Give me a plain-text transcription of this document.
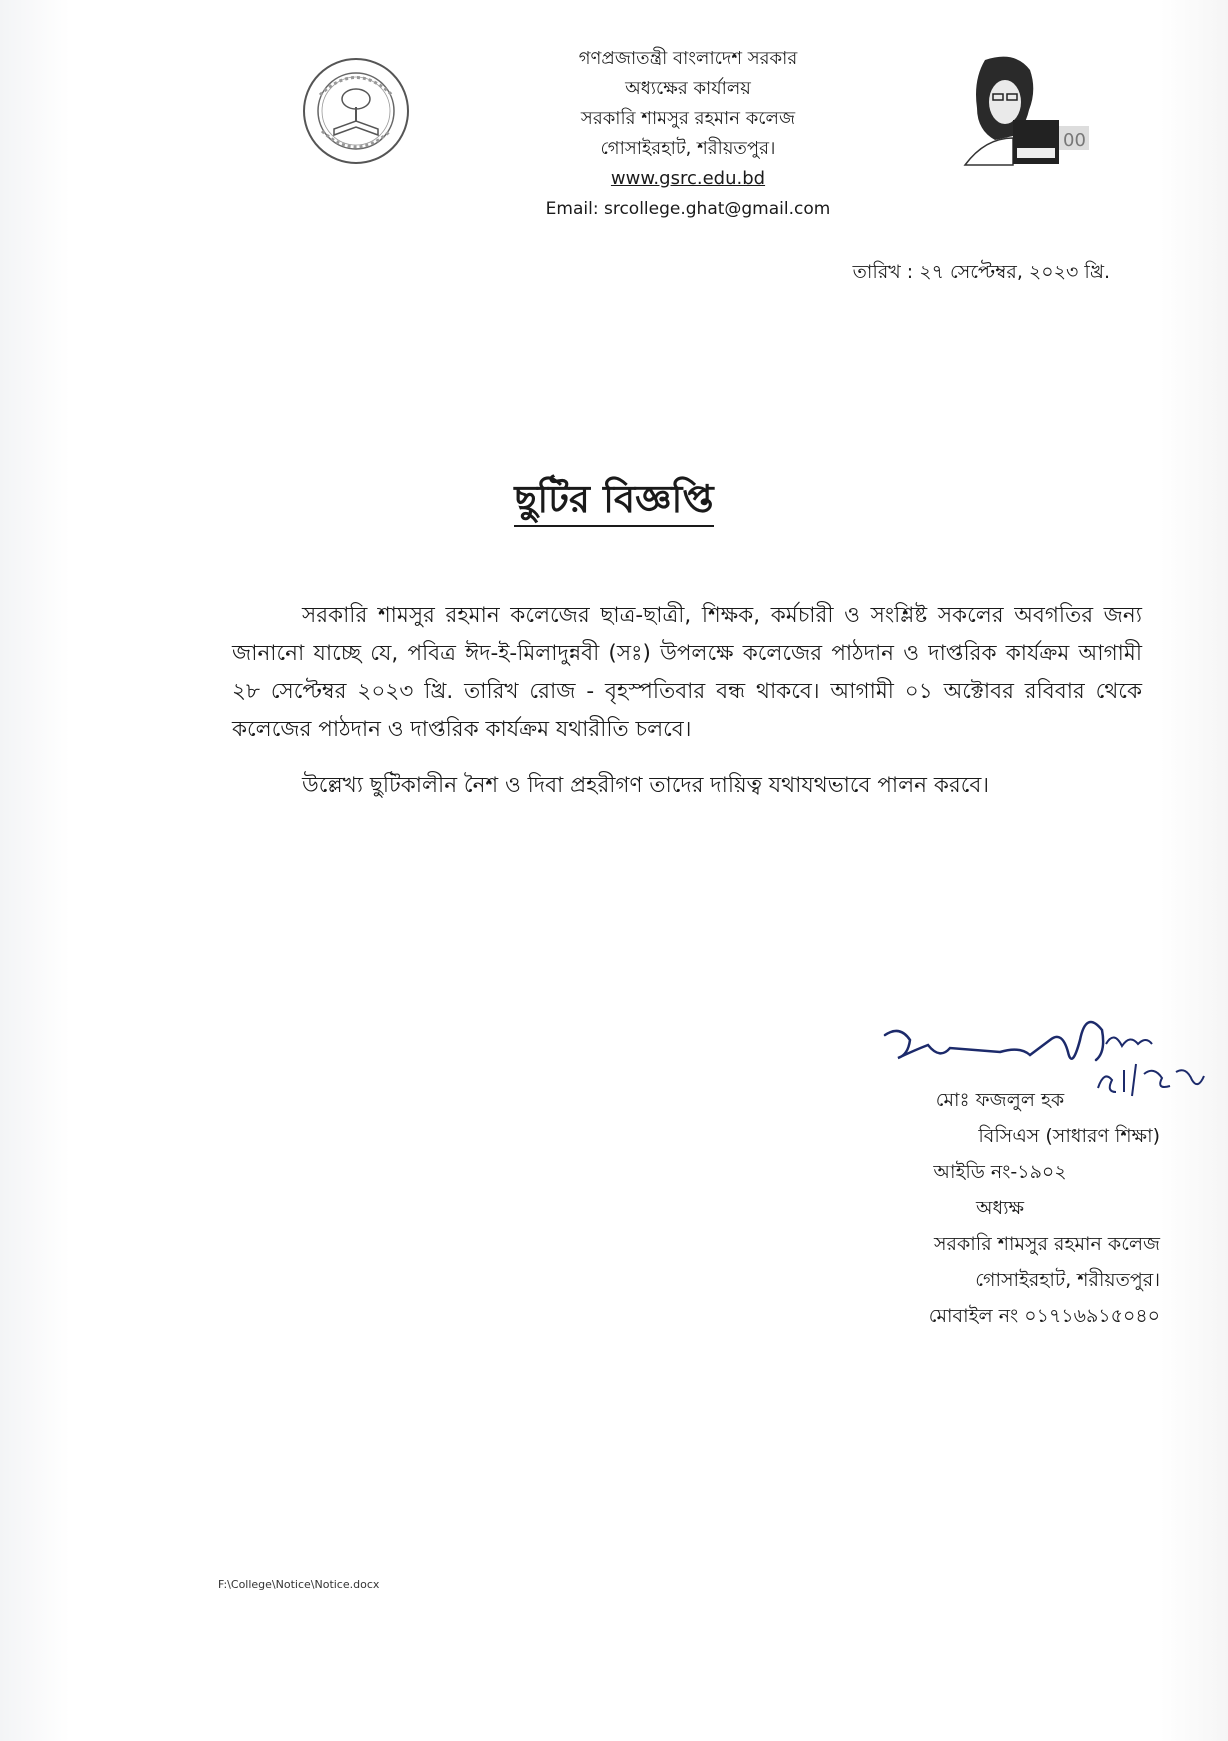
গণপ্রজাতন্ত্রী বাংলাদেশ সরকার
অধ্যক্ষের কার্যালয়
সরকারি শামসুর রহমান কলেজ
গোসাইরহাট, শরীয়তপুর।
www.gsrc.edu.bd
Email: srcollege.ghat@gmail.com
00
তারিখ : ২৭ সেপ্টেম্বর, ২০২৩ খ্রি.
ছুটির বিজ্ঞপ্তি

সরকারি শামসুর রহমান কলেজের ছাত্র-ছাত্রী, শিক্ষক, কর্মচারী ও সংশ্লিষ্ট সকলের অবগতির জন্য জানানো যাচ্ছে যে, পবিত্র ঈদ-ই-মিলাদুন্নবী (সঃ) উপলক্ষে কলেজের পাঠদান ও দাপ্তরিক কার্যক্রম আগামী ২৮ সেপ্টেম্বর ২০২৩ খ্রি. তারিখ রোজ - বৃহস্পতিবার বন্ধ থাকবে। আগামী ০১ অক্টোবর রবিবার থেকে কলেজের পাঠদান ও দাপ্তরিক কার্যক্রম যথারীতি চলবে।

উল্লেখ্য ছুটিকালীন নৈশ ও দিবা প্রহরীগণ তাদের দায়িত্ব যথাযথভাবে পালন করবে।

মোঃ ফজলুল হক
বিসিএস (সাধারণ শিক্ষা)
আইডি নং-১৯০২
অধ্যক্ষ
সরকারি শামসুর রহমান কলেজ
গোসাইরহাট, শরীয়তপুর।
মোবাইল নং ০১৭১৬৯১৫০৪০
F:\College\Notice\Notice.docx
